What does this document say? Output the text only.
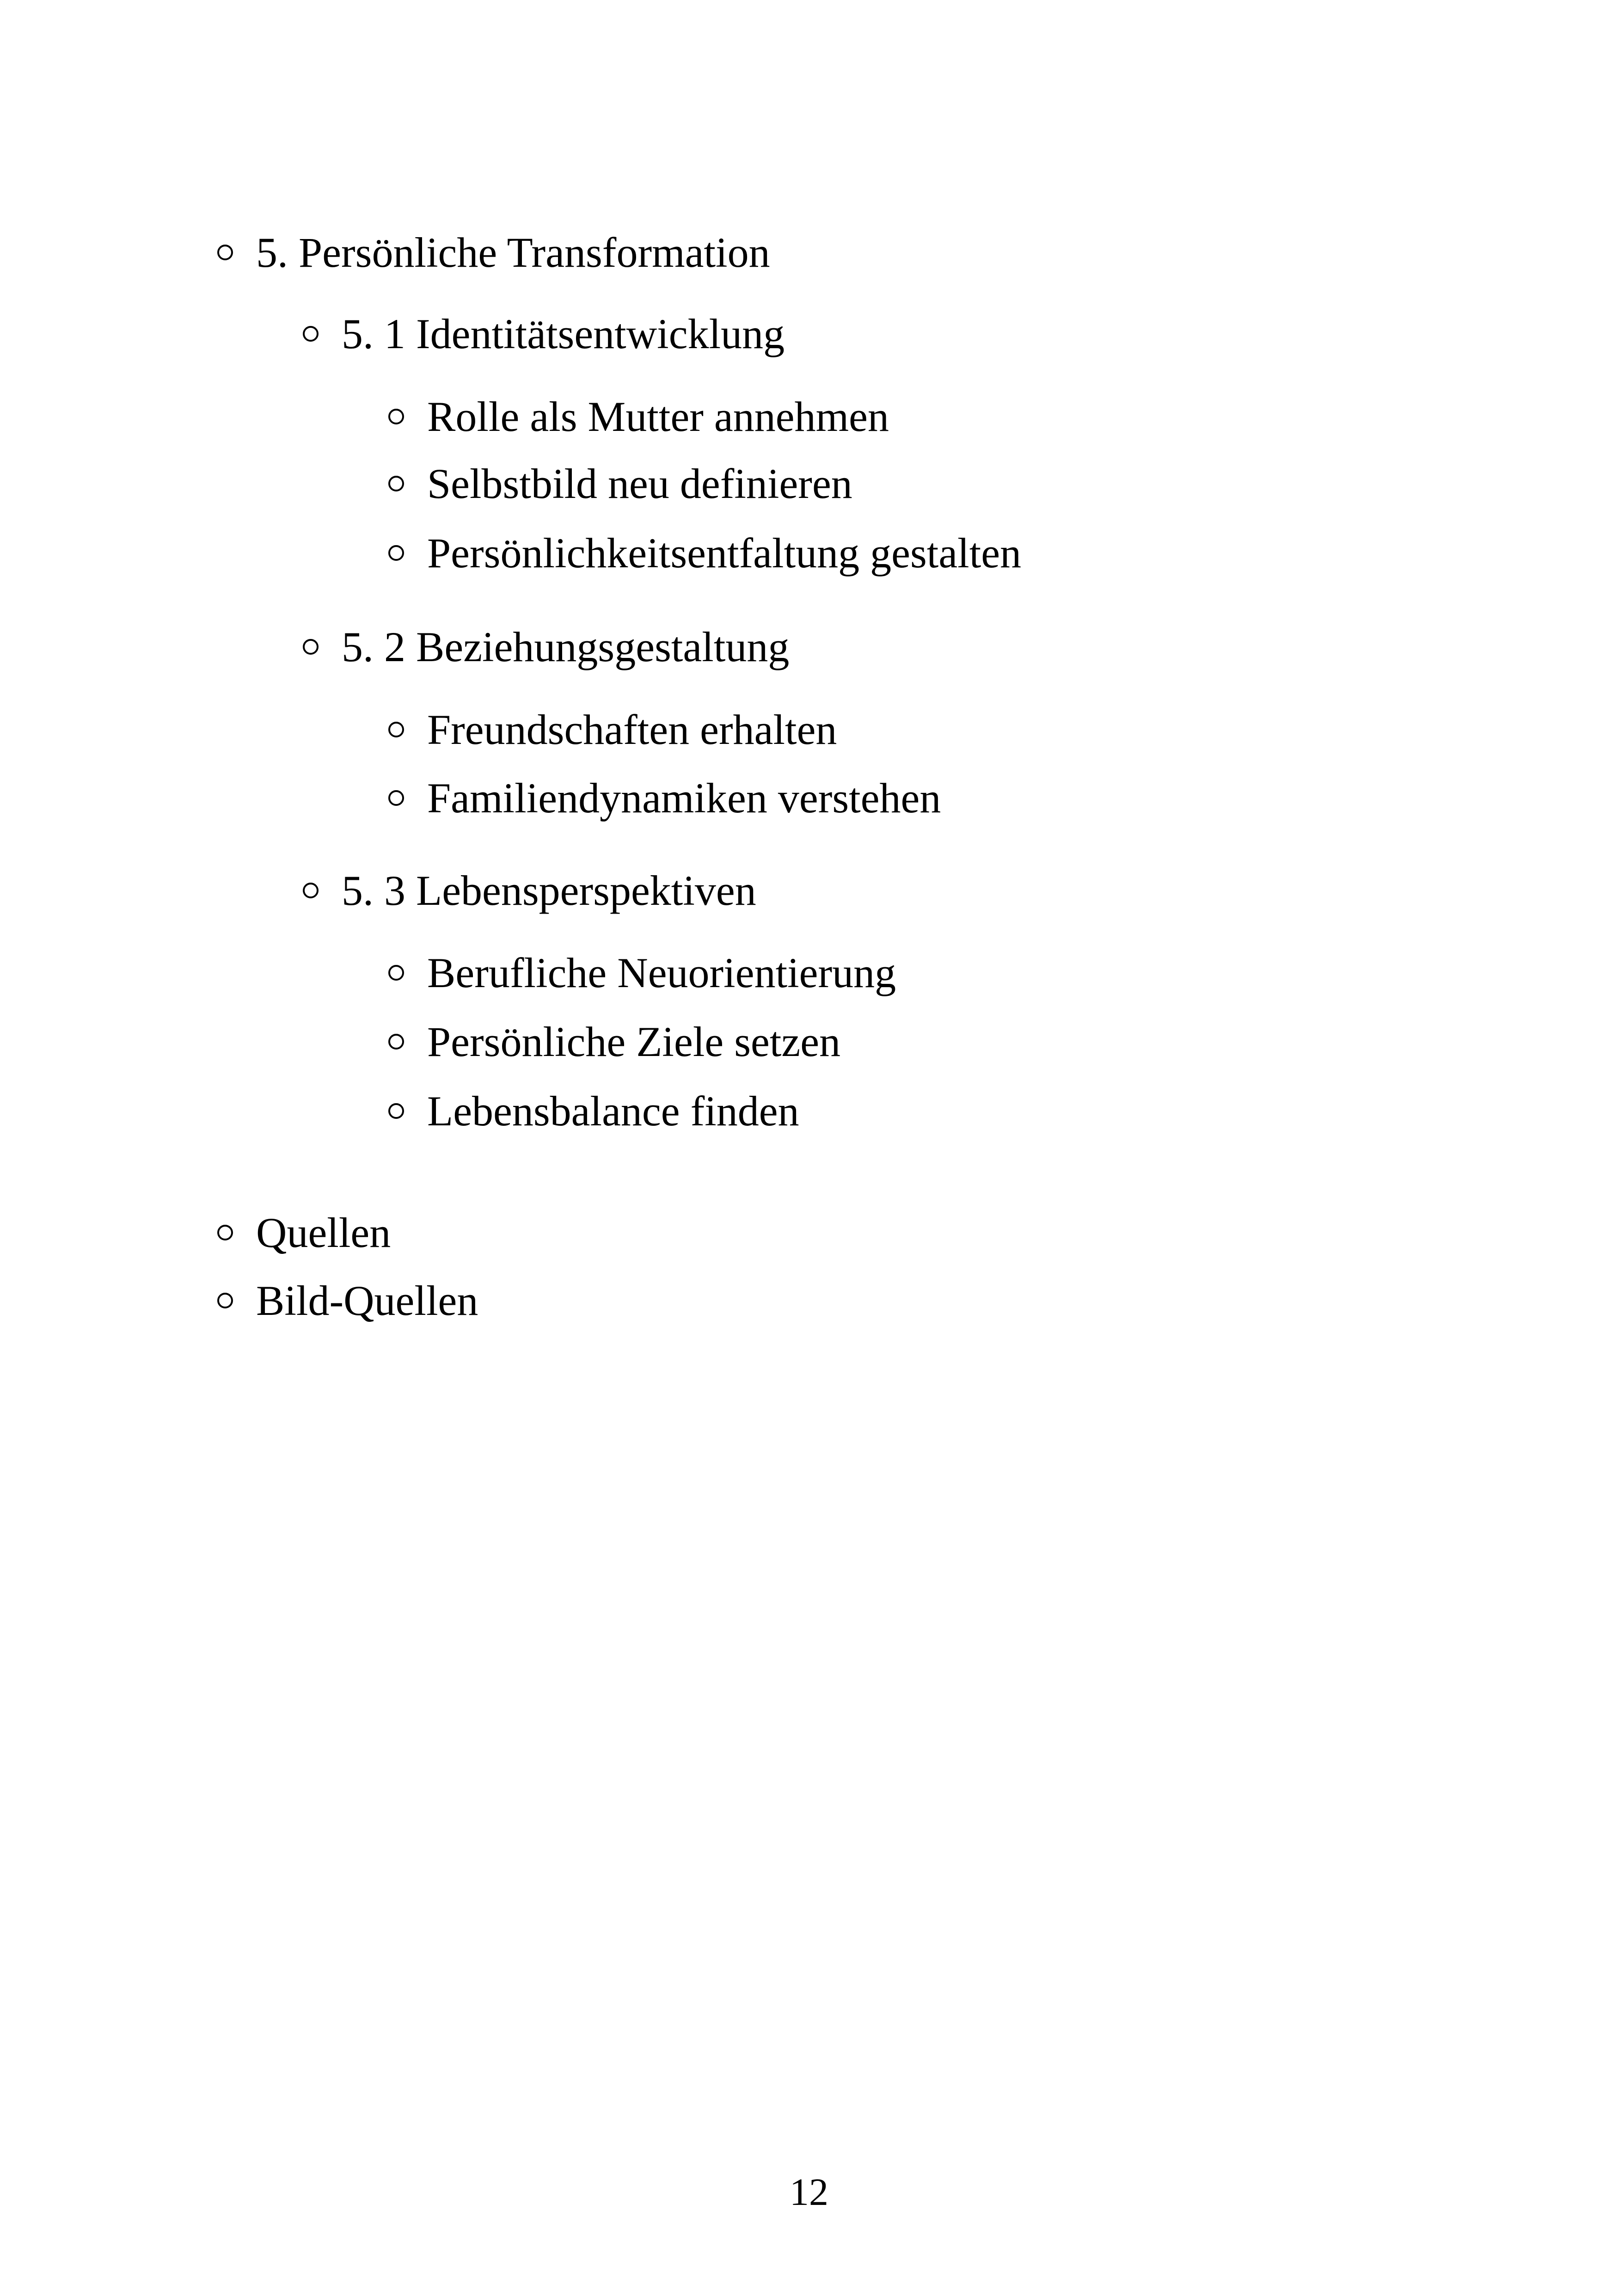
5. Persönliche Transformation
5. 1 Identitätsentwicklung
Rolle als Mutter annehmen
Selbstbild neu definieren
Persönlichkeitsentfaltung gestalten
5. 2 Beziehungsgestaltung
Freundschaften erhalten
Familiendynamiken verstehen
5. 3 Lebensperspektiven
Berufliche Neuorientierung
Persönliche Ziele setzen
Lebensbalance finden
Quellen
Bild-Quellen
12
